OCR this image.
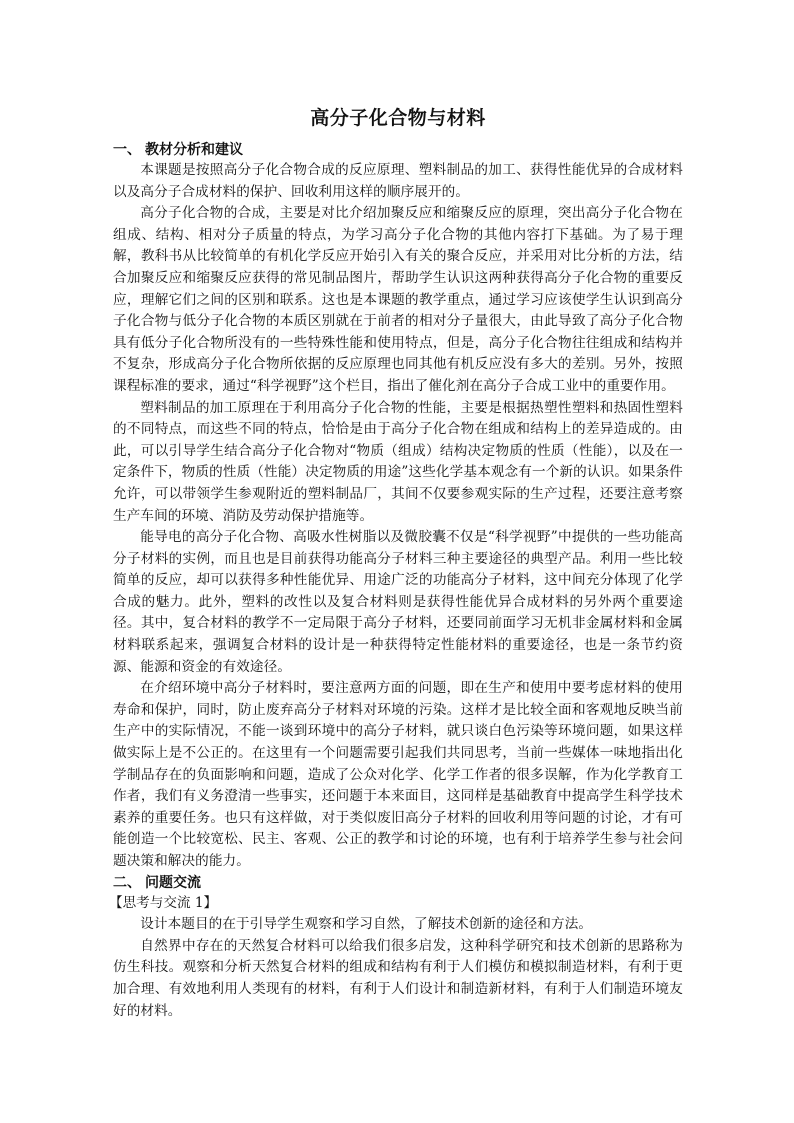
高分子化合物与材料
一、 教材分析和建议

本课题是按照高分子化合物合成的反应原理、塑料制品的加工、获得性能优异的合成材料以及高分子合成材料的保护、回收利用这样的顺序展开的。

高分子化合物的合成，主要是对比介绍加聚反应和缩聚反应的原理，突出高分子化合物在组成、结构、相对分子质量的特点，为学习高分子化合物的其他内容打下基础。为了易于理解，教科书从比较简单的有机化学反应开始引入有关的聚合反应，并采用对比分析的方法，结合加聚反应和缩聚反应获得的常见制品图片，帮助学生认识这两种获得高分子化合物的重要反应，理解它们之间的区别和联系。这也是本课题的教学重点，通过学习应该使学生认识到高分子化合物与低分子化合物的本质区别就在于前者的相对分子量很大，由此导致了高分子化合物具有低分子化合物所没有的一些特殊性能和使用特点，但是，高分子化合物往往组成和结构并不复杂，形成高分子化合物所依据的反应原理也同其他有机反应没有多大的差别。另外，按照课程标准的要求，通过“科学视野”这个栏目，指出了催化剂在高分子合成工业中的重要作用。

塑料制品的加工原理在于利用高分子化合物的性能，主要是根据热塑性塑料和热固性塑料的不同特点，而这些不同的特点，恰恰是由于高分子化合物在组成和结构上的差异造成的。由此，可以引导学生结合高分子化合物对“物质（组成）结构决定物质的性质（性能），以及在一定条件下，物质的性质（性能）决定物质的用途”这些化学基本观念有一个新的认识。如果条件允许，可以带领学生参观附近的塑料制品厂，其间不仅要参观实际的生产过程，还要注意考察生产车间的环境、消防及劳动保护措施等。

能导电的高分子化合物、高吸水性树脂以及微胶囊不仅是“科学视野”中提供的一些功能高分子材料的实例，而且也是目前获得功能高分子材料三种主要途径的典型产品。利用一些比较简单的反应，却可以获得多种性能优异、用途广泛的功能高分子材料，这中间充分体现了化学合成的魅力。此外，塑料的改性以及复合材料则是获得性能优异合成材料的另外两个重要途径。其中，复合材料的教学不一定局限于高分子材料，还要同前面学习无机非金属材料和金属材料联系起来，强调复合材料的设计是一种获得特定性能材料的重要途径，也是一条节约资源、能源和资金的有效途径。

在介绍环境中高分子材料时，要注意两方面的问题，即在生产和使用中要考虑材料的使用寿命和保护，同时，防止废弃高分子材料对环境的污染。这样才是比较全面和客观地反映当前生产中的实际情况，不能一谈到环境中的高分子材料，就只谈白色污染等环境问题，如果这样做实际上是不公正的。在这里有一个问题需要引起我们共同思考，当前一些媒体一味地指出化学制品存在的负面影响和问题，造成了公众对化学、化学工作者的很多误解，作为化学教育工作者，我们有义务澄清一些事实，还问题于本来面目，这同样是基础教育中提高学生科学技术素养的重要任务。也只有这样做，对于类似废旧高分子材料的回收利用等问题的讨论，才有可能创造一个比较宽松、民主、客观、公正的教学和讨论的环境，也有利于培养学生参与社会问题决策和解决的能力。

二、 问题交流
【思考与交流 1】

设计本题目的在于引导学生观察和学习自然，了解技术创新的途径和方法。

自然界中存在的天然复合材料可以给我们很多启发，这种科学研究和技术创新的思路称为仿生科技。观察和分析天然复合材料的组成和结构有利于人们模仿和模拟制造材料，有利于更加合理、有效地利用人类现有的材料，有利于人们设计和制造新材料，有利于人们制造环境友好的材料。
